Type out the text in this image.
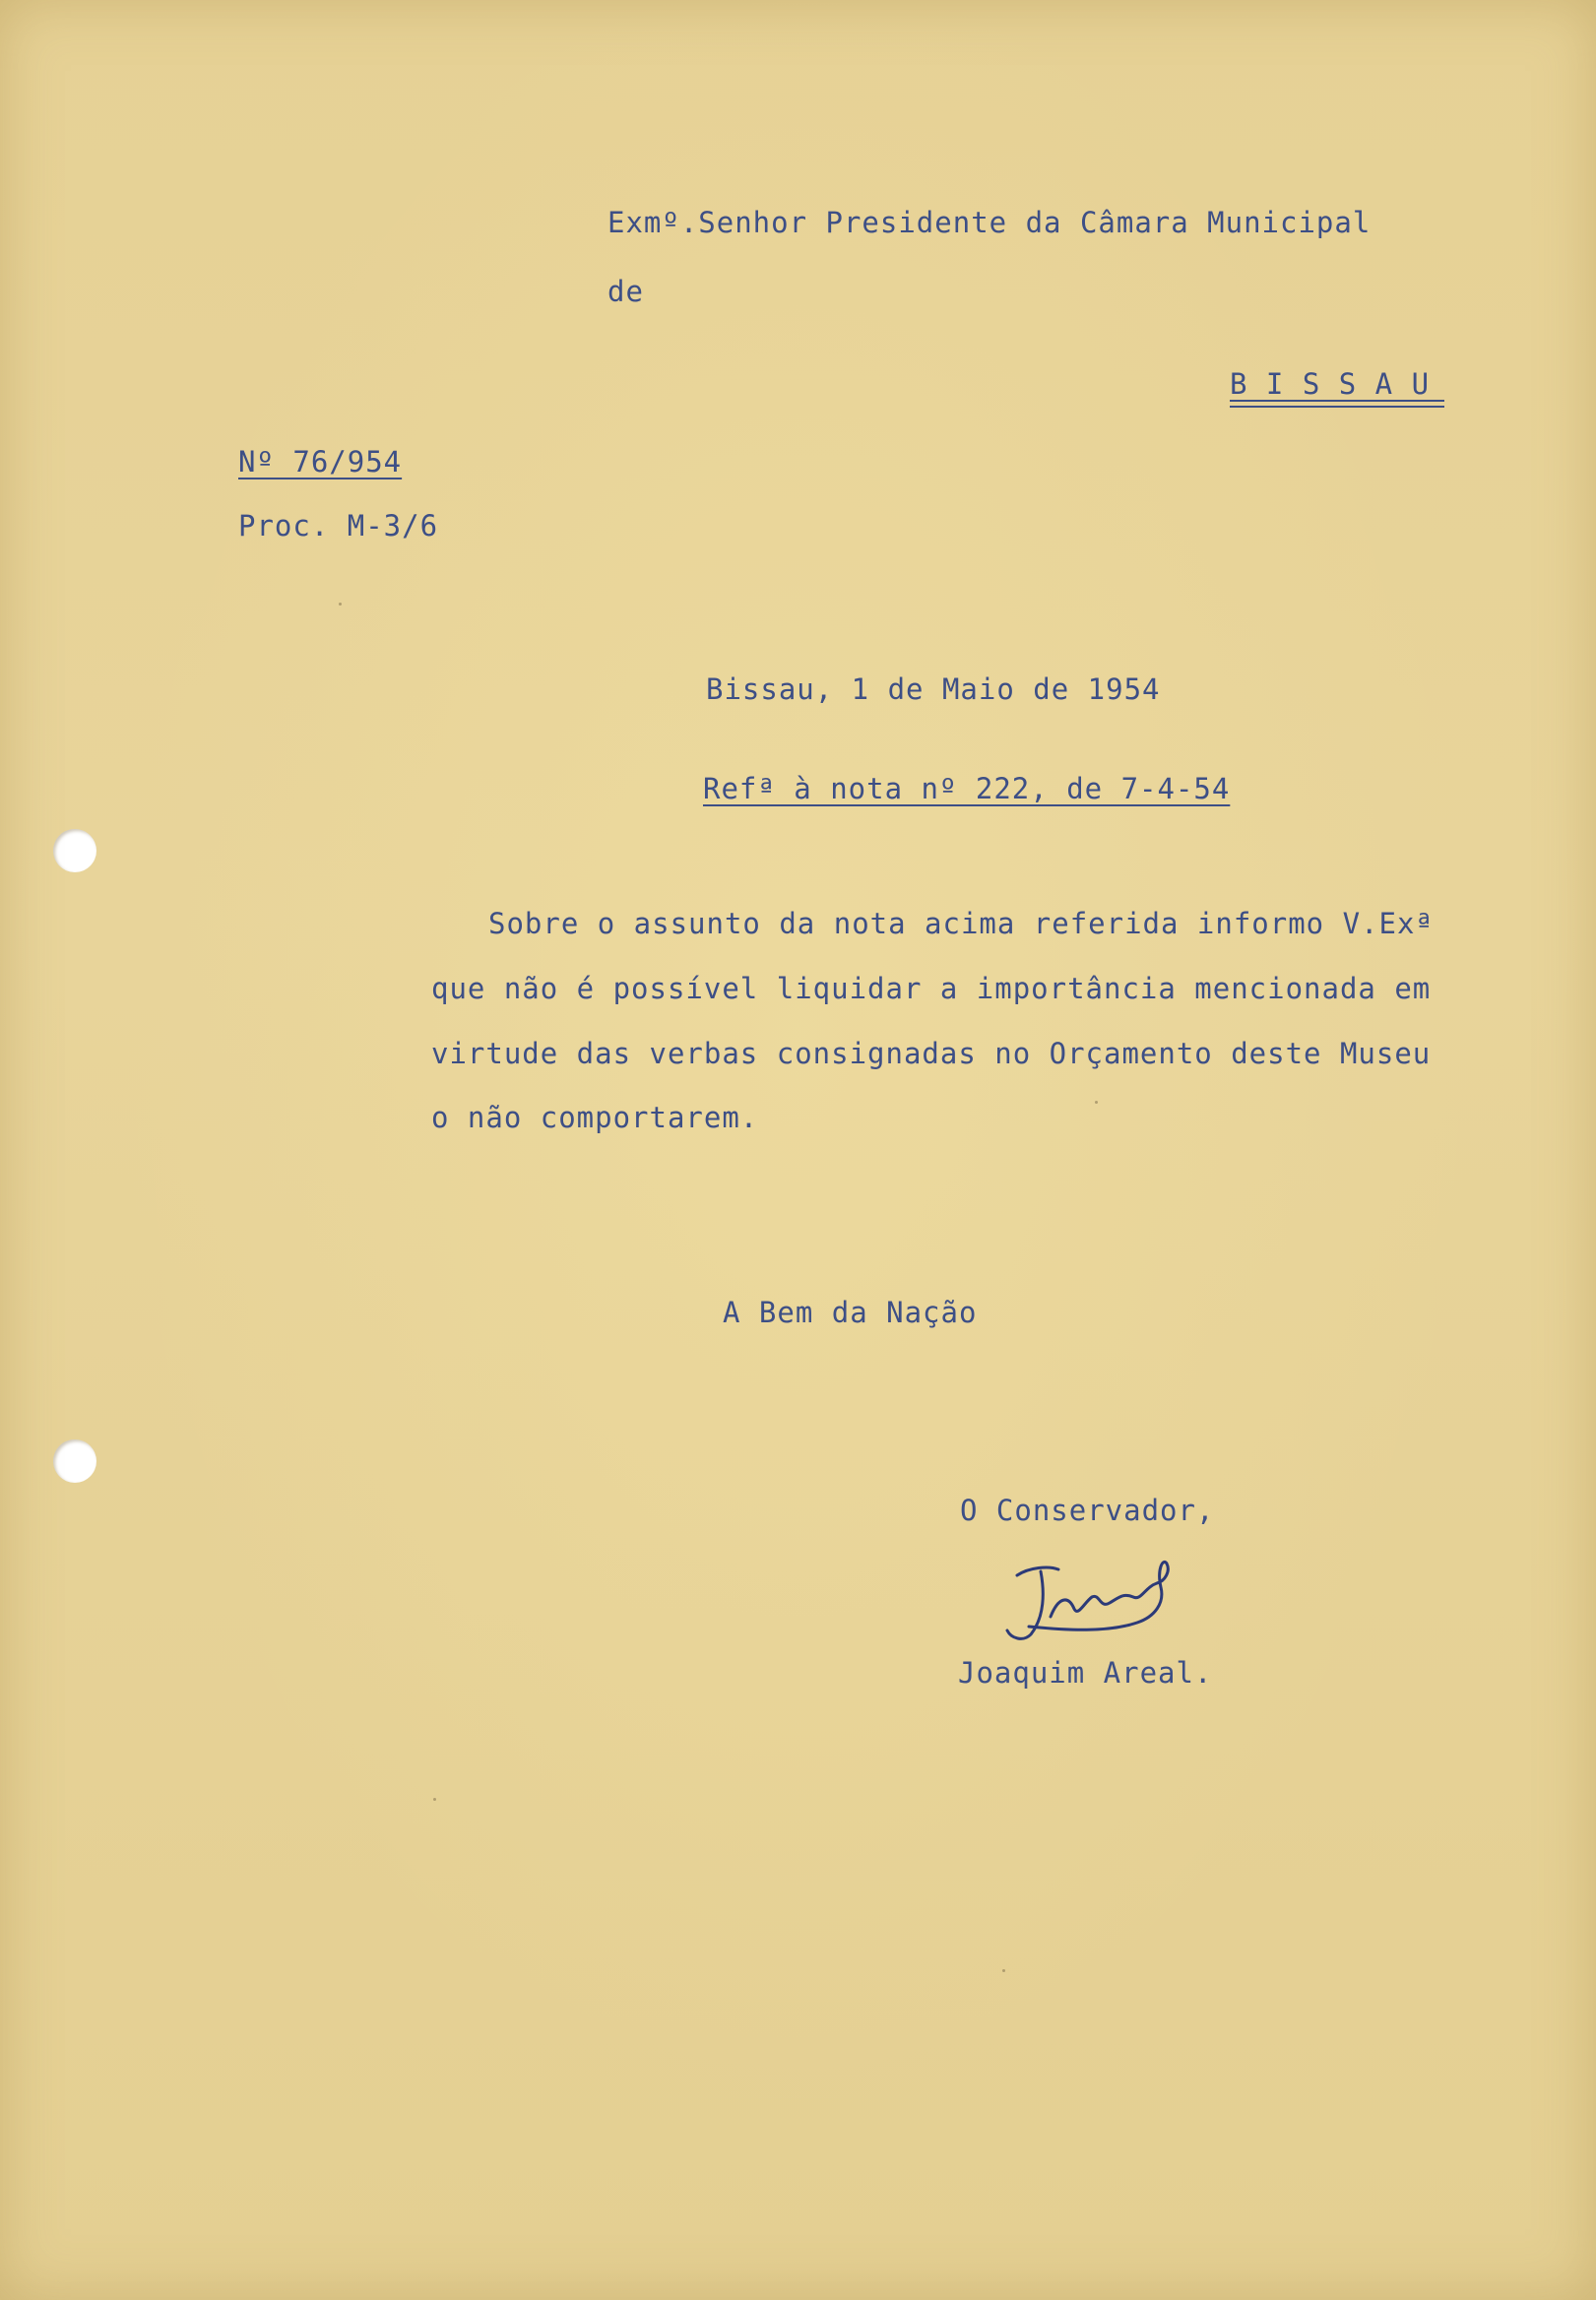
Exmº.Senhor Presidente da Câmara Municipal
de
B I S S A U
Nº 76/954
Proc. M-3/6
Bissau, 1 de Maio de 1954
Refª à nota nº 222, de 7-4-54
Sobre o assunto da nota acima referida informo V.Exª
que não é possível liquidar a importância mencionada em
virtude das verbas consignadas no Orçamento deste Museu
o não comportarem.
A Bem da Nação
O Conservador,
Joaquim Areal.
